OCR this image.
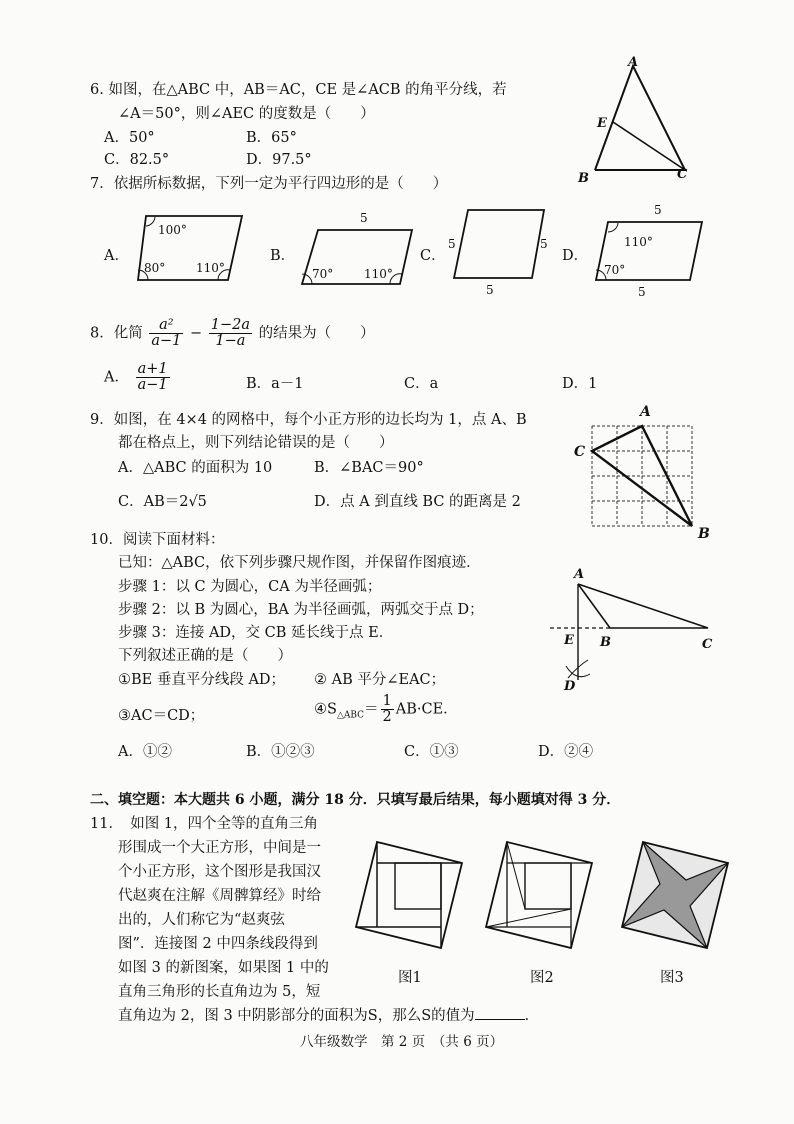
6. 如图，在△ABC 中，AB＝AC，CE 是∠ACB 的角平分线，若
∠A＝50°，则∠AEC 的度数是（　　）
A．50°	B．65°
C．82.5°	D．97.5°
A
E
B	C
7．依据所标数据，下列一定为平行四边形的是（　　）
A．
100°
80°	110°
B．
5
70°	110°
C．
5	5
5
D．
5
110°
70°
5
8．化简 $\frac{\text{a²}}{a-1} - \frac{1-2a}{1-a}$ 的结果为（　　）
A． $\frac{a+1}{a-1}$	B．a－1	C．a	D．1
9．如图，在 4×4 的网格中，每个小正方形的边长均为 1，点 A、B
都在格点上，则下列结论错误的是（　　）
A．△ABC 的面积为 10	B．∠BAC＝90°
C．AB＝2√5	D．点 A 到直线 BC 的距离是 2
A
C
B
10．阅读下面材料：
已知：△ABC，依下列步骤尺规作图，并保留作图痕迹．
步骤 1：以 C 为圆心，CA 为半径画弧；
步骤 2：以 B 为圆心，BA 为半径画弧，两弧交于点 D；
步骤 3：连接 AD，交 CB 延长线于点 E．
下列叙述正确的是（　　）
①BE 垂直平分线段 AD； ② AB 平分∠EAC；
③AC＝CD；	$④S_{\triangle ABC}= \frac{1}{2} AB\cdot CE$．
A．①②	B．①②③	C．①③	D．②④
A
E B	C
D
二、填空题：本大题共 6 小题，满分 18 分．只填写最后结果，每小题填对得 3 分．
11．　如图 1，四个全等的直角三角
形围成一个大正方形，中间是一
个小正方形，这个图形是我国汉
代赵爽在注解《周髀算经》时给
出的，人们称它为“赵爽弦
图”．连接图 2 中四条线段得到
如图 3 的新图案，如果图 1 中的
直角三角形的长直角边为 5，短
直角边为 2，图 3 中阴影部分的面积为S，那么S的值为	．
图1	图2	图3
八年级数学　第 2 页　（共 6 页）
